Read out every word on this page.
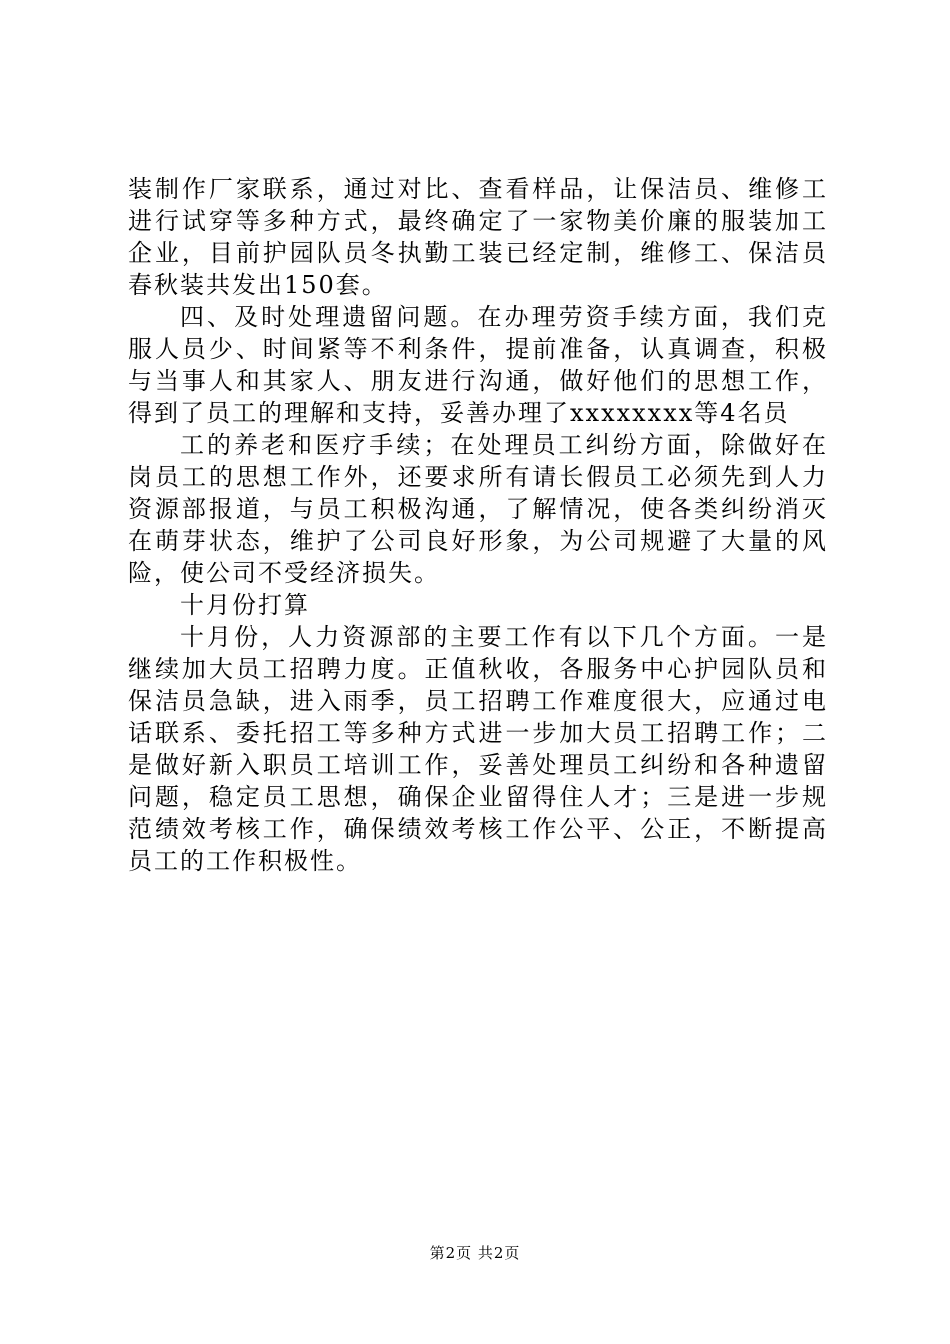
装制作厂家联系，通过对比、查看样品，让保洁员、维修工进行试穿等多种方式，最终确定了一家物美价廉的服装加工企业，目前护园队员冬执勤工装已经定制，维修工、保洁员春秋装共发出150套。

四、及时处理遗留问题。在办理劳资手续方面，我们克服人员少、时间紧等不利条件，提前准备，认真调查，积极与当事人和其家人、朋友进行沟通，做好他们的思想工作，得到了员工的理解和支持，妥善办理了xxxxxxxx等4名员

工的养老和医疗手续；在处理员工纠纷方面，除做好在岗员工的思想工作外，还要求所有请长假员工必须先到人力资源部报道，与员工积极沟通，了解情况，使各类纠纷消灭在萌芽状态，维护了公司良好形象，为公司规避了大量的风险，使公司不受经济损失。

十月份打算

十月份，人力资源部的主要工作有以下几个方面。一是继续加大员工招聘力度。正值秋收，各服务中心护园队员和保洁员急缺，进入雨季，员工招聘工作难度很大，应通过电话联系、委托招工等多种方式进一步加大员工招聘工作；二是做好新入职员工培训工作，妥善处理员工纠纷和各种遗留问题，稳定员工思想，确保企业留得住人才；三是进一步规范绩效考核工作，确保绩效考核工作公平、公正，不断提高员工的工作积极性。

第2页 共2页
